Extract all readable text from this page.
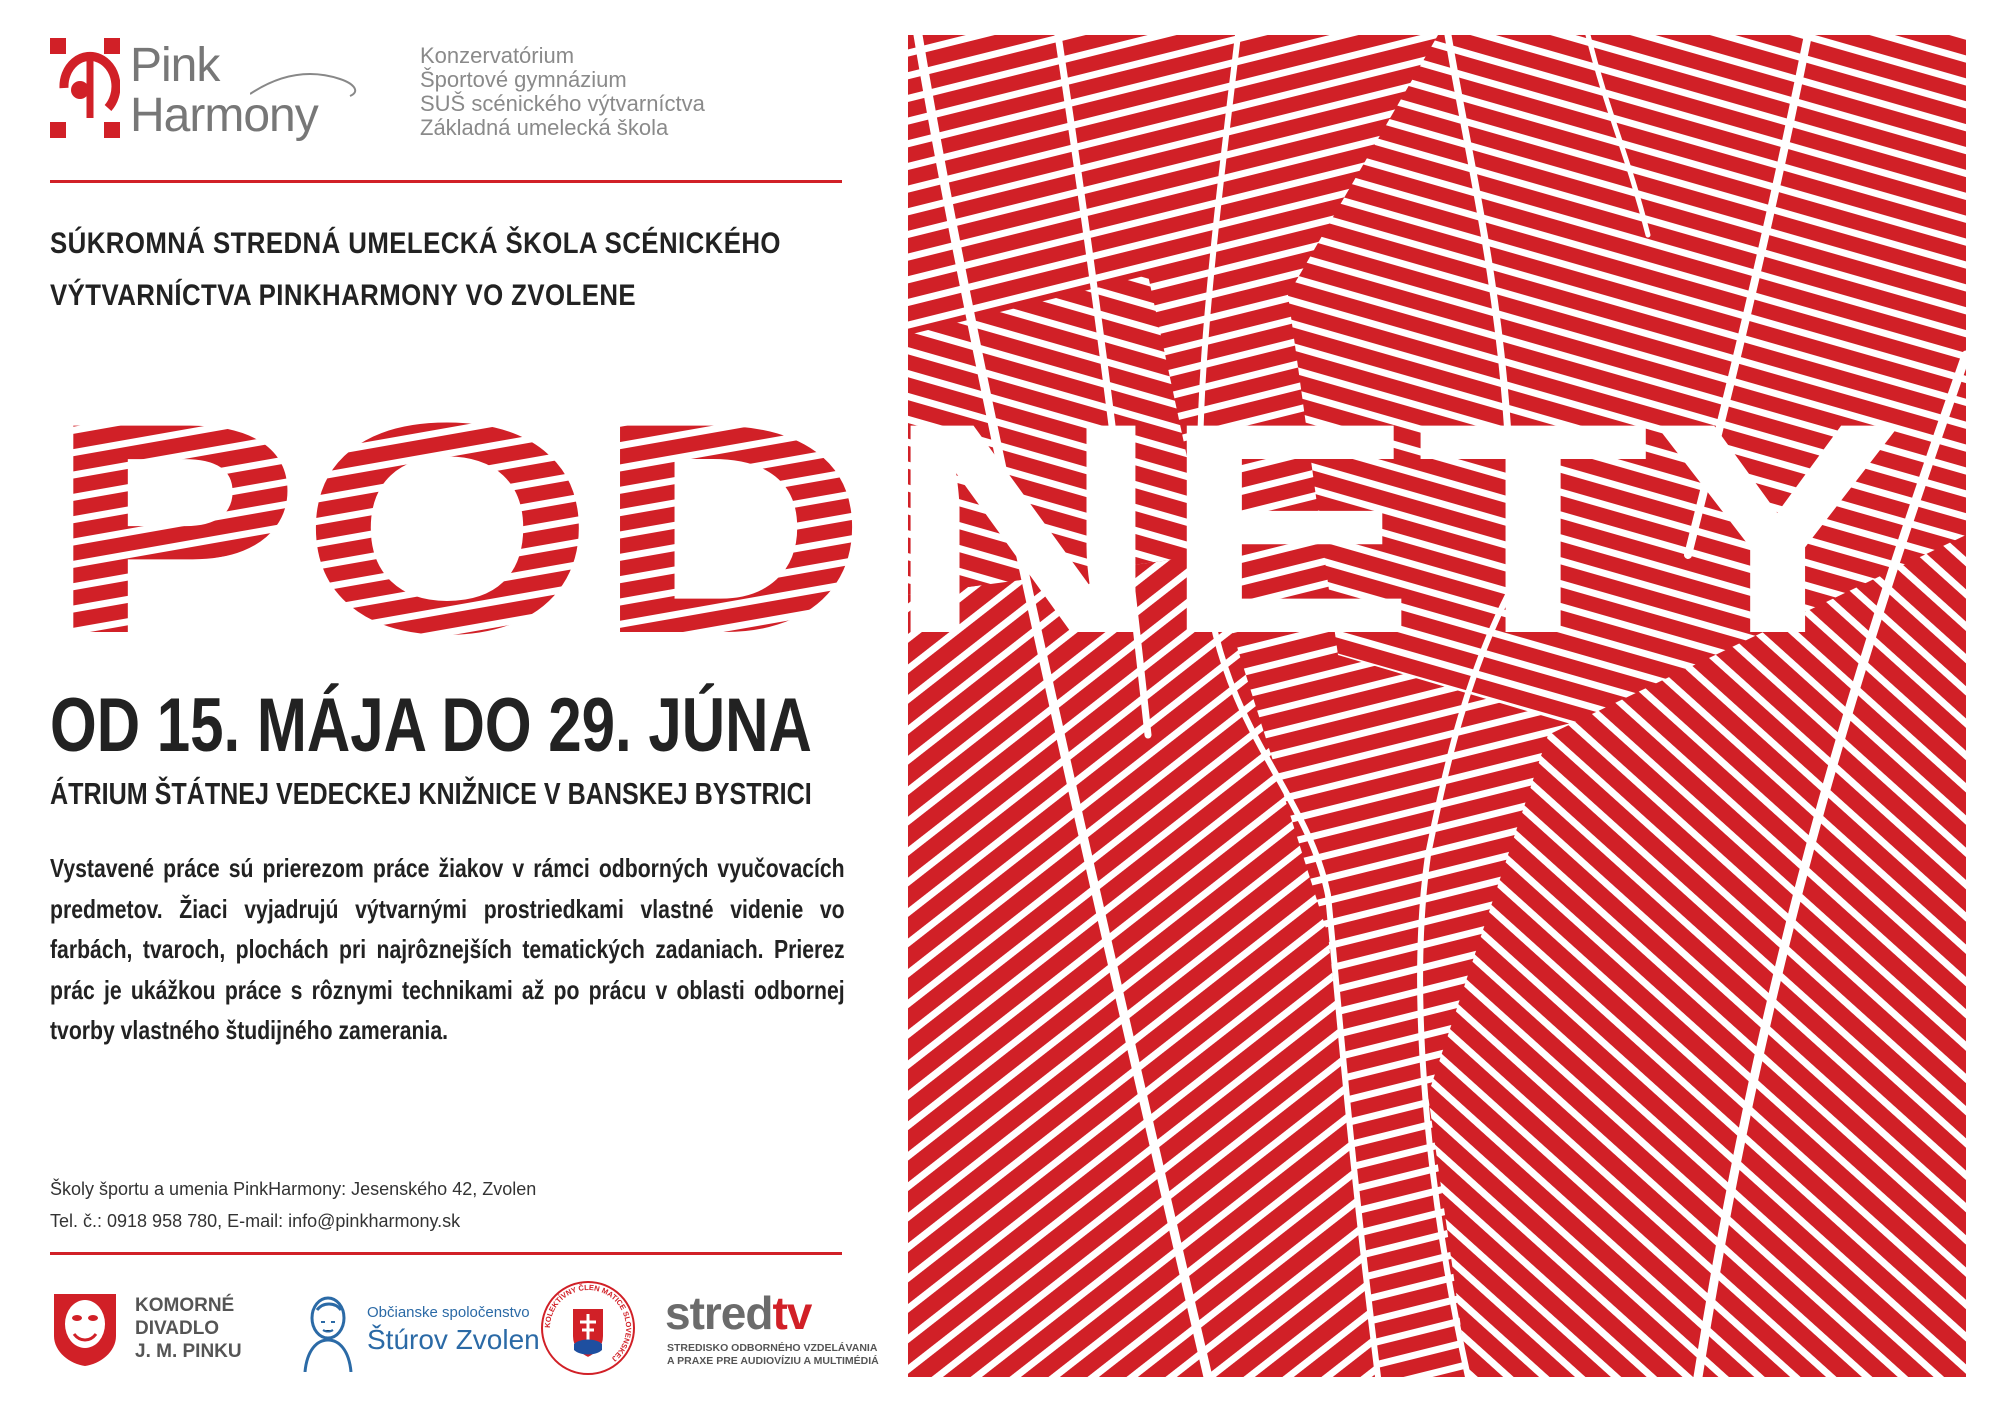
Pink
Harmony
Konzervatórium
Športové gymnázium
SUŠ scénického výtvarníctva
Základná umelecká škola
SÚKROMNÁ STREDNÁ UMELECKÁ ŠKOLA SCÉNICKÉHO
VÝTVARNÍCTVA PINKHARMONY VO ZVOLENE
POD NETY
OD 15. MÁJA DO 29. JÚNA
ÁTRIUM ŠTÁTNEJ VEDECKEJ KNIŽNICE V BANSKEJ BYSTRICI
Vystavené práce sú prierezom práce žiakov v rámci odborných vyučovacích predmetov. Žiaci vyjadrujú výtvarnými prostriedkami vlastné videnie vo farbách, tvaroch, plochách pri najrôznejších tematických zadaniach. Prierez prác je ukážkou práce s rôznymi technikami až po prácu v oblasti odbornej tvorby vlastného študijného zamerania.
Školy športu a umenia PinkHarmony: Jesenského 42, Zvolen
Tel. č.: 0918 958 780, E-mail: info@pinkharmony.sk
KOMORNÉ
DIVADLO
J. M. PINKU
Občianske spoločenstvo
Štúrov Zvolen KOLEKTÍVNY ČLEN MATICE SLOVENSKEJ
stredtv
STREDISKO ODBORNÉHO VZDELÁVANIA
A PRAXE PRE AUDIOVÍZIU A MULTIMÉDIÁ
